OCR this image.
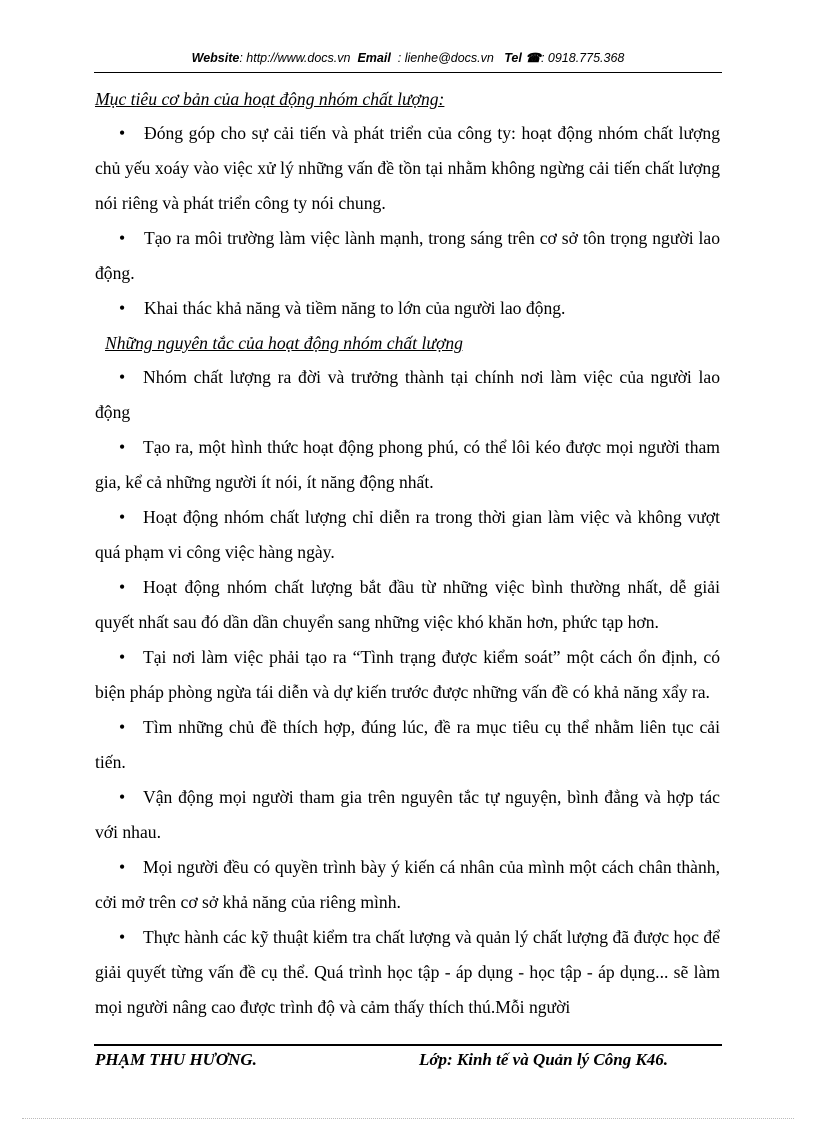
Website: http://www.docs.vn Email : lienhe@docs.vn Tel ☎: 0918.775.368

Mục tiêu cơ bản của hoạt động nhóm chất lượng:

• Đóng góp cho sự cải tiến và phát triển của công ty: hoạt động nhóm chất lượng chủ yếu xoáy vào việc xử lý những vấn đề tồn tại nhằm không ngừng cải tiến chất lượng nói riêng và phát triển công ty nói chung.

• Tạo ra môi trường làm việc lành mạnh, trong sáng trên cơ sở tôn trọng người lao động.

• Khai thác khả năng và tiềm năng to lớn của người lao động.

Những nguyên tắc của hoạt động nhóm chất lượng

• Nhóm chất lượng ra đời và trưởng thành tại chính nơi làm việc của người lao động

• Tạo ra, một hình thức hoạt động phong phú, có thể lôi kéo được mọi người tham gia, kể cả những người ít nói, ít năng động nhất.

• Hoạt động nhóm chất lượng chỉ diễn ra trong thời gian làm việc và không vượt quá phạm vi công việc hàng ngày.

• Hoạt động nhóm chất lượng bắt đầu từ những việc bình thường nhất, dễ giải quyết nhất sau đó dần dần chuyển sang những việc khó khăn hơn, phức tạp hơn.

• Tại nơi làm việc phải tạo ra “Tình trạng được kiểm soát” một cách ổn định, có biện pháp phòng ngừa tái diễn và dự kiến trước được những vấn đề có khả năng xẩy ra.

• Tìm những chủ đề thích hợp, đúng lúc, đề ra mục tiêu cụ thể nhằm liên tục cải tiến.

• Vận động mọi người tham gia trên nguyên tắc tự nguyện, bình đẳng và hợp tác với nhau.

• Mọi người đều có quyền trình bày ý kiến cá nhân của mình một cách chân thành, cởi mở trên cơ sở khả năng của riêng mình.

• Thực hành các kỹ thuật kiểm tra chất lượng và quản lý chất lượng đã được học để giải quyết từng vấn đề cụ thể. Quá trình học tập - áp dụng - học tập - áp dụng... sẽ làm mọi người nâng cao được trình độ và cảm thấy thích thú.Mỗi người

PHẠM THU HƯƠNG.	Lớp: Kinh tế và Quản lý Công K46.
